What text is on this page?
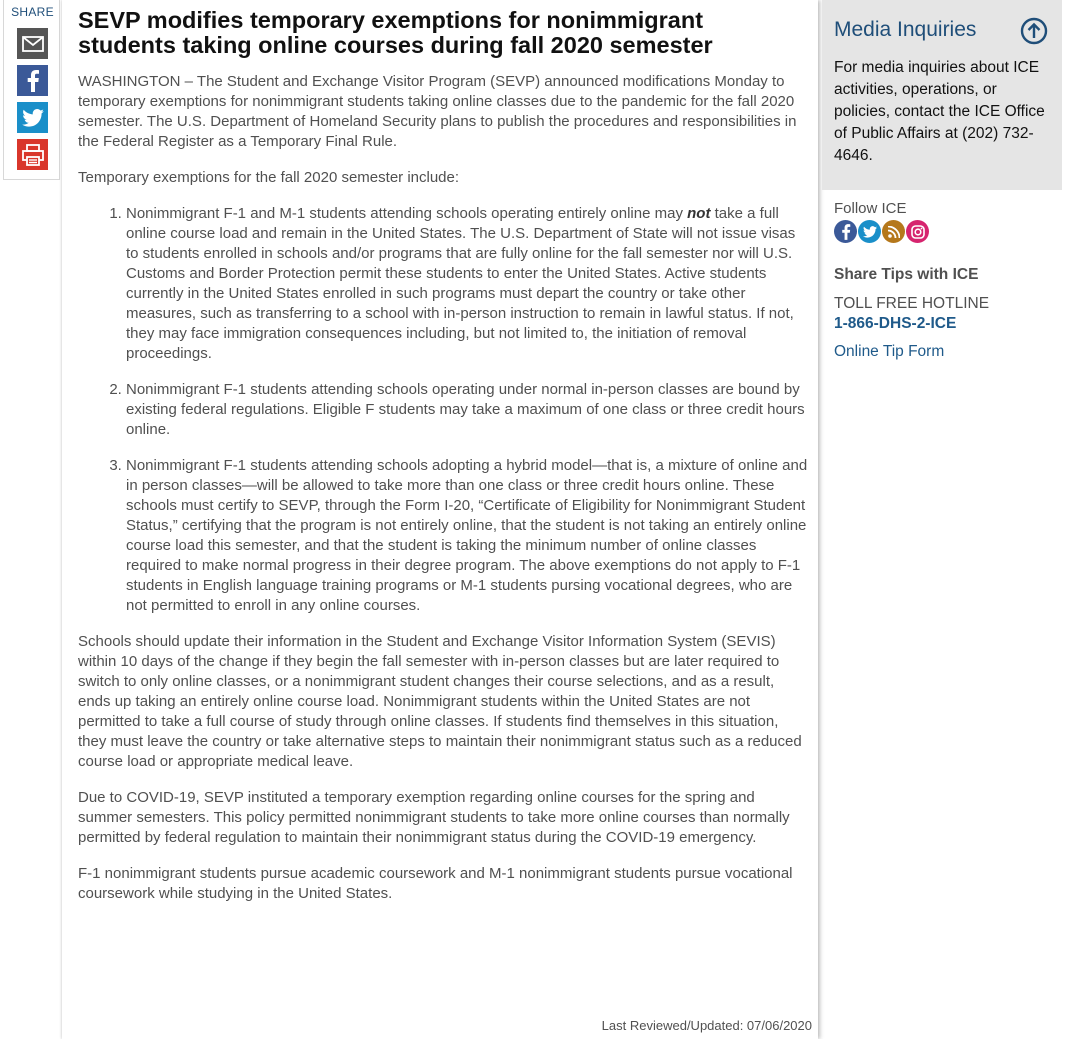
SHARE	SEVP modifies temporary exemptions for nonimmigrant students taking online courses during fall 2020 semester

WASHINGTON – The Student and Exchange Visitor Program (SEVP) announced modifications Monday to temporary exemptions for nonimmigrant students taking online classes due to the pandemic for the fall 2020 semester. The U.S. Department of Homeland Security plans to publish the procedures and responsibilities in the Federal Register as a Temporary Final Rule.

Temporary exemptions for the fall 2020 semester include:

1. Nonimmigrant F-1 and M-1 students attending schools operating entirely online may not take a full online course load and remain in the United States. The U.S. Department of State will not issue visas to students enrolled in schools and/or programs that are fully online for the fall semester nor will U.S. Customs and Border Protection permit these students to enter the United States. Active students currently in the United States enrolled in such programs must depart the country or take other measures, such as transferring to a school with in-person instruction to remain in lawful status. If not, they may face immigration consequences including, but not limited to, the initiation of removal proceedings.
2. Nonimmigrant F-1 students attending schools operating under normal in-person classes are bound by existing federal regulations. Eligible F students may take a maximum of one class or three credit hours online.
3. Nonimmigrant F-1 students attending schools adopting a hybrid model—that is, a mixture of online and in person classes—will be allowed to take more than one class or three credit hours online. These schools must certify to SEVP, through the Form I-20, “Certificate of Eligibility for Nonimmigrant Student Status,” certifying that the program is not entirely online, that the student is not taking an entirely online course load this semester, and that the student is taking the minimum number of online classes required to make normal progress in their degree program. The above exemptions do not apply to F-1 students in English language training programs or M-1 students pursing vocational degrees, who are not permitted to enroll in any online courses.

Schools should update their information in the Student and Exchange Visitor Information System (SEVIS) within 10 days of the change if they begin the fall semester with in-person classes but are later required to switch to only online classes, or a nonimmigrant student changes their course selections, and as a result, ends up taking an entirely online course load. Nonimmigrant students within the United States are not permitted to take a full course of study through online classes. If students find themselves in this situation, they must leave the country or take alternative steps to maintain their nonimmigrant status such as a reduced course load or appropriate medical leave.

Due to COVID-19, SEVP instituted a temporary exemption regarding online courses for the spring and summer semesters. This policy permitted nonimmigrant students to take more online courses than normally permitted by federal regulation to maintain their nonimmigrant status during the COVID-19 emergency.

F-1 nonimmigrant students pursue academic coursework and M-1 nonimmigrant students pursue vocational coursework while studying in the United States.

Last Reviewed/Updated: 07/06/2020
Media Inquiries
For media inquiries about ICE activities, operations, or policies, contact the ICE Office of Public Affairs at (202) 732-4646.
Follow ICE
Share Tips with ICE
TOLL FREE HOTLINE
1-866-DHS-2-ICE
Online Tip Form
